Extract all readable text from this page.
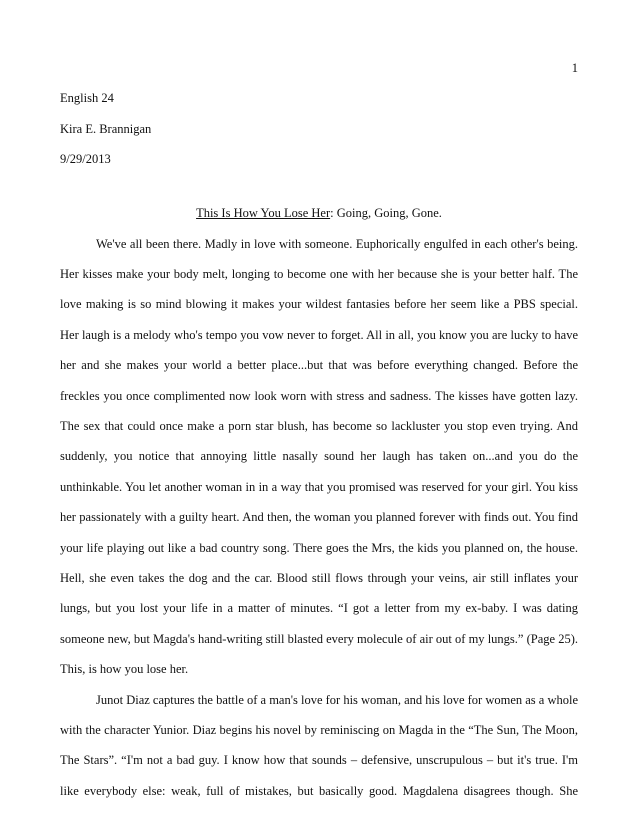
1
English 24
Kira E. Brannigan
9/29/2013
This Is How You Lose Her: Going, Going, Gone.
We've all been there. Madly in love with someone. Euphorically engulfed in each other's being.
Her kisses make your body melt, longing to become one with her because she is your better half. The
love making is so mind blowing it makes your wildest fantasies before her seem like a PBS special.
Her laugh is a melody who's tempo you vow never to forget. All in all, you know you are lucky to have
her and she makes your world a better place...but that was before everything changed. Before the
freckles you once complimented now look worn with stress and sadness. The kisses have gotten lazy.
The sex that could once make a porn star blush, has become so lackluster you stop even trying. And
suddenly, you notice that annoying little nasally sound her laugh has taken on...and you do the
unthinkable. You let another woman in in a way that you promised was reserved for your girl. You kiss
her passionately with a guilty heart. And then, the woman you planned forever with finds out. You find
your life playing out like a bad country song. There goes the Mrs, the kids you planned on, the house.
Hell, she even takes the dog and the car. Blood still flows through your veins, air still inflates your
lungs, but you lost your life in a matter of minutes. “I got a letter from my ex-baby. I was dating
someone new, but Magda's hand-writing still blasted every molecule of air out of my lungs.” (Page 25).
This, is how you lose her.
Junot Diaz captures the battle of a man's love for his woman, and his love for women as a whole
with the character Yunior. Diaz begins his novel by reminiscing on Magda in the “The Sun, The Moon,
The Stars”. “I'm not a bad guy. I know how that sounds – defensive, unscrupulous – but it's true. I'm
like everybody else: weak, full of mistakes, but basically good. Magdalena disagrees though. She
